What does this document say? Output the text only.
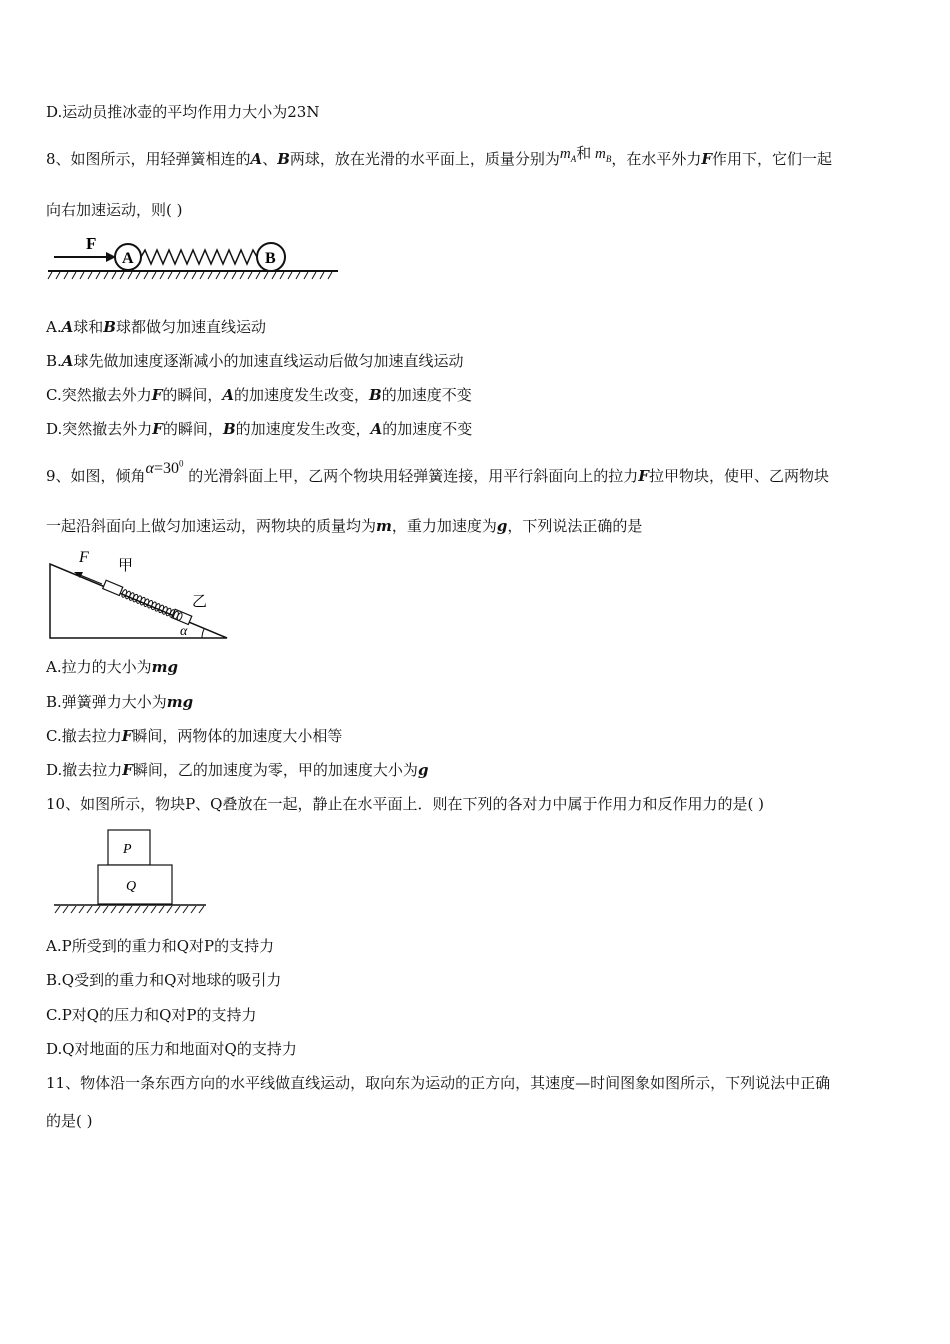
D.运动员推冰壶的平均作用力大小为23N
8、如图所示，用轻弹簧相连的A、B两球，放在光滑的水平面上，质量分别为$m_A$和 $m_B$，在水平外力F作用下，它们一起
向右加速运动，则( )
F
A	B
A.A球和B球都做匀加速直线运动
B.A球先做加速度逐渐减小的加速直线运动后做匀加速直线运动
C.突然撤去外力F的瞬间，A的加速度发生改变，B的加速度不变
D.突然撤去外力F的瞬间，B的加速度发生改变，A的加速度不变
9、如图，倾角$\alpha=30^0$ 的光滑斜面上甲，乙两个物块用轻弹簧连接，用平行斜面向上的拉力F拉甲物块，使甲、乙两物块
一起沿斜面向上做匀加速运动，两物块的质量均为m，重力加速度为g，下列说法正确的是
F 甲
乙
α
A.拉力的大小为mg
B.弹簧弹力大小为mg
C.撤去拉力F瞬间，两物体的加速度大小相等
D.撤去拉力F瞬间，乙的加速度为零，甲的加速度大小为g
10、如图所示，物块P、Q叠放在一起，静止在水平面上．则在下列的各对力中属于作用力和反作用力的是( )
P
Q
A.P所受到的重力和Q对P的支持力
B.Q受到的重力和Q对地球的吸引力
C.P对Q的压力和Q对P的支持力
D.Q对地面的压力和地面对Q的支持力
11、物体沿一条东西方向的水平线做直线运动，取向东为运动的正方向，其速度—时间图象如图所示，下列说法中正确
的是( )
